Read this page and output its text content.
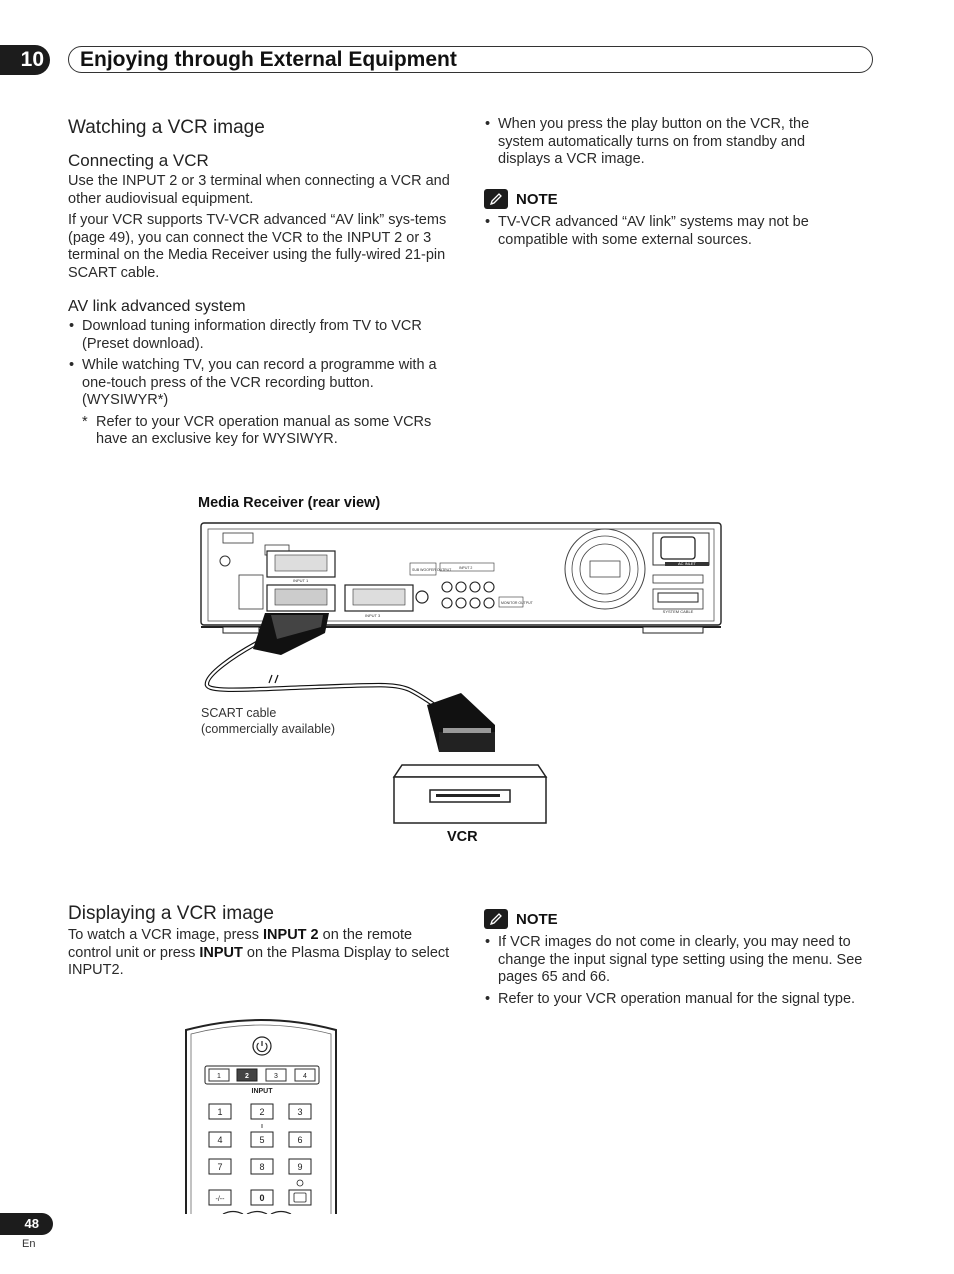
10 Enjoying through External Equipment
Watching a VCR image
Connecting a VCR

Use the INPUT 2 or 3 terminal when connecting a VCR and other audiovisual equipment.

If your VCR supports TV-VCR advanced “AV link” sys-tems (page 49), you can connect the VCR to the INPUT 2 or 3 terminal on the Media Receiver using the fully-wired 21-pin SCART cable.

AV link advanced system
• Download tuning information directly from TV to VCR (Preset download).
• While watching TV, you can record a programme with a one-touch press of the VCR recording button. (WYSIWYR*)
* Refer to your VCR operation manual as some VCRs have an exclusive key for WYSIWYR.
• When you press the play button on the VCR, the system automatically turns on from standby and displays a VCR image.
NOTE
• TV-VCR advanced “AV link” systems may not be compatible with some external sources.
Media Receiver (rear view)
SCART cable
(commercially available)
VCR
AC INLET
SYSTEM CABLE
INPUT 1
INPUT 3
SUB WOOFER OUTPUT INPUT 2
MONITOR OUTPUT
Displaying a VCR image
To watch a VCR image, press INPUT 2 on the remote control unit or press INPUT on the Plasma Display to select INPUT2.
NOTE
• If VCR images do not come in clearly, you may need to change the input signal type setting using the menu. See pages 65 and 66.
• Refer to your VCR operation manual for the signal type.
1	2	3	4
INPUT
1	2	3
4	5	6
7	8	9
-/--	0
48
En
